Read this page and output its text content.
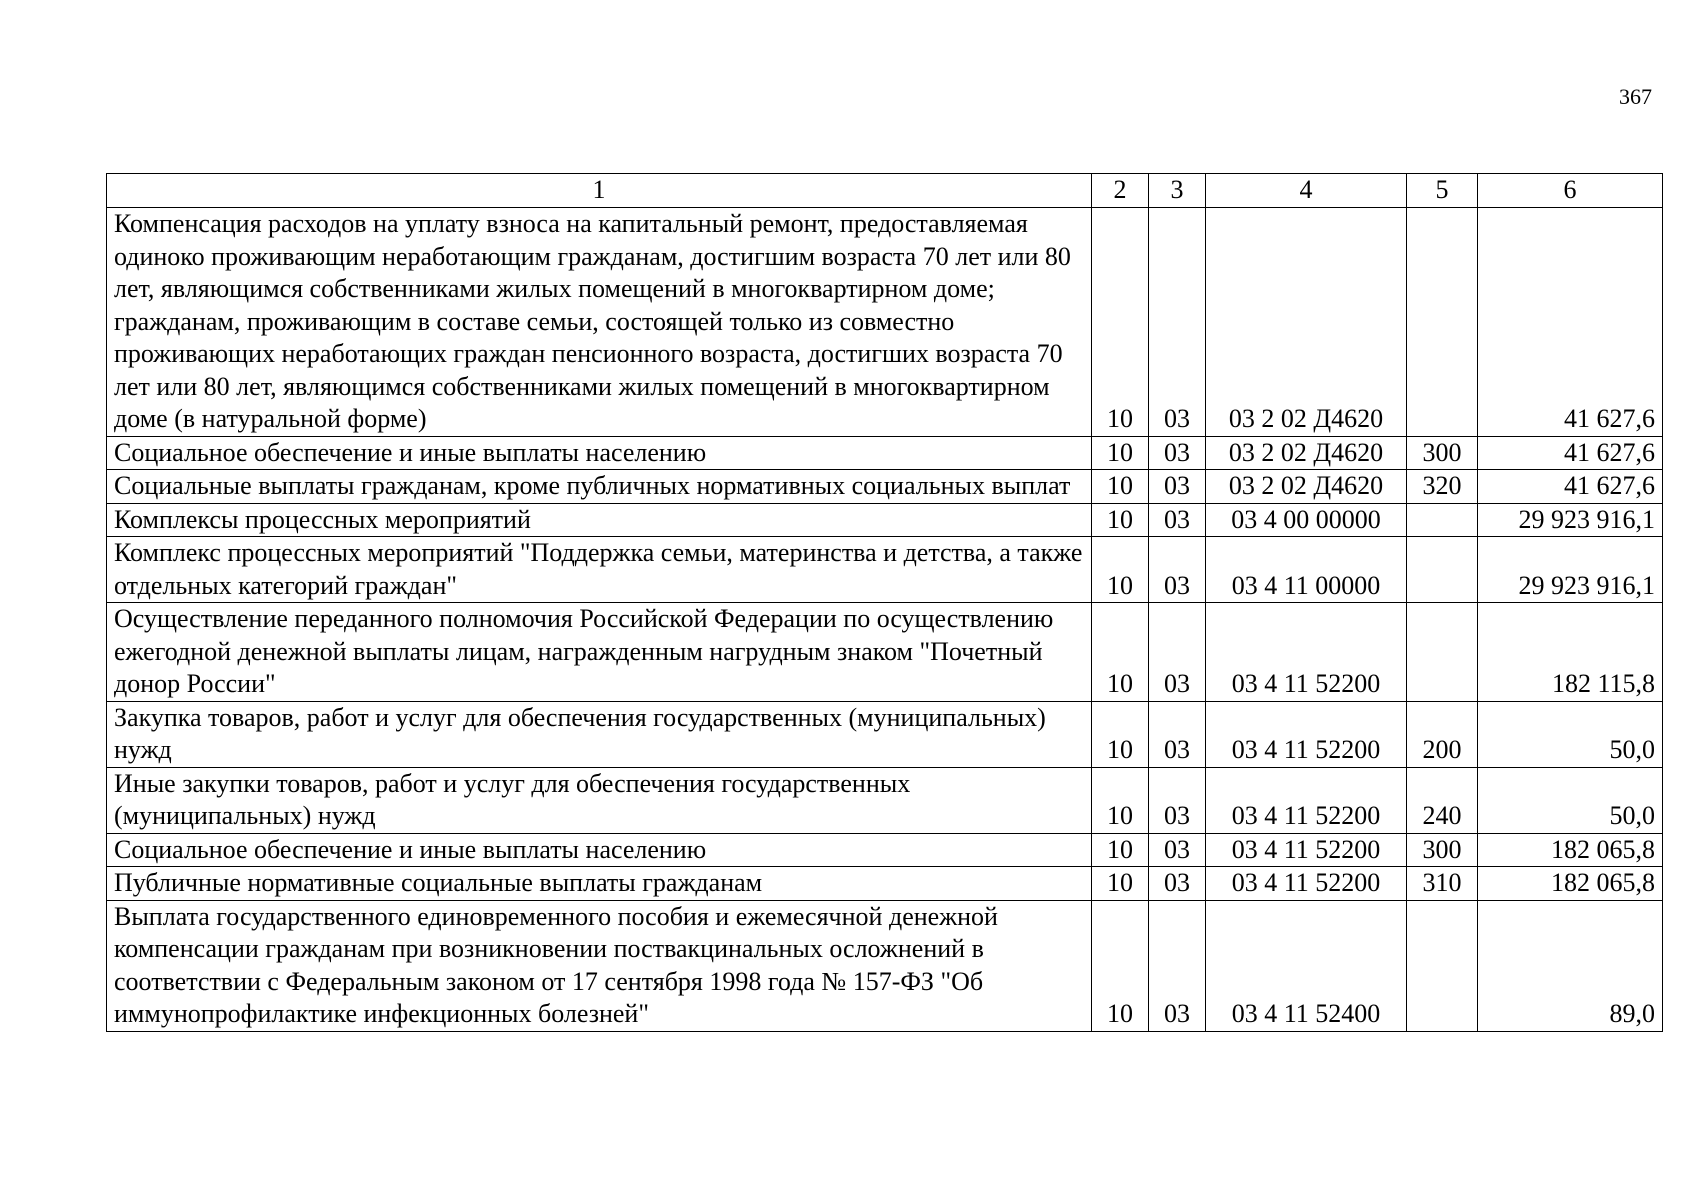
367
1	2	3	4	5	6
Компенсация расходов на уплату взноса на капитальный ремонт, предоставляемая одиноко проживающим неработающим гражданам, достигшим возраста 70 лет или 80 лет, являющимся собственниками жилых помещений в многоквартирном доме; гражданам, проживающим в составе семьи, состоящей только из совместно проживающих неработающих граждан пенсионного возраста, достигших возраста 70 лет или 80 лет, являющимся собственниками жилых помещений в многоквартирном доме (в натуральной форме)	10	03	03 2 02 Д4620		41 627,6
Социальное обеспечение и иные выплаты населению	10	03	03 2 02 Д4620	300	41 627,6
Социальные выплаты гражданам, кроме публичных нормативных социальных выплат	10	03	03 2 02 Д4620	320	41 627,6
Комплексы процессных мероприятий	10	03	03 4 00 00000		29 923 916,1
Комплекс процессных мероприятий "Поддержка семьи, материнства и детства, а также отдельных категорий граждан"	10	03	03 4 11 00000		29 923 916,1
Осуществление переданного полномочия Российской Федерации по осуществлению ежегодной денежной выплаты лицам, награжденным нагрудным знаком "Почетный донор России"	10	03	03 4 11 52200		182 115,8
Закупка товаров, работ и услуг для обеспечения государственных (муниципальных) нужд	10	03	03 4 11 52200	200	50,0
Иные закупки товаров, работ и услуг для обеспечения государственных (муниципальных) нужд	10	03	03 4 11 52200	240	50,0
Социальное обеспечение и иные выплаты населению	10	03	03 4 11 52200	300	182 065,8
Публичные нормативные социальные выплаты гражданам	10	03	03 4 11 52200	310	182 065,8
Выплата государственного единовременного пособия и ежемесячной денежной компенсации гражданам при возникновении поствакцинальных осложнений в соответствии с Федеральным законом от 17 сентября 1998 года № 157-ФЗ "Об иммунопрофилактике инфекционных болезней"	10	03	03 4 11 52400		89,0
